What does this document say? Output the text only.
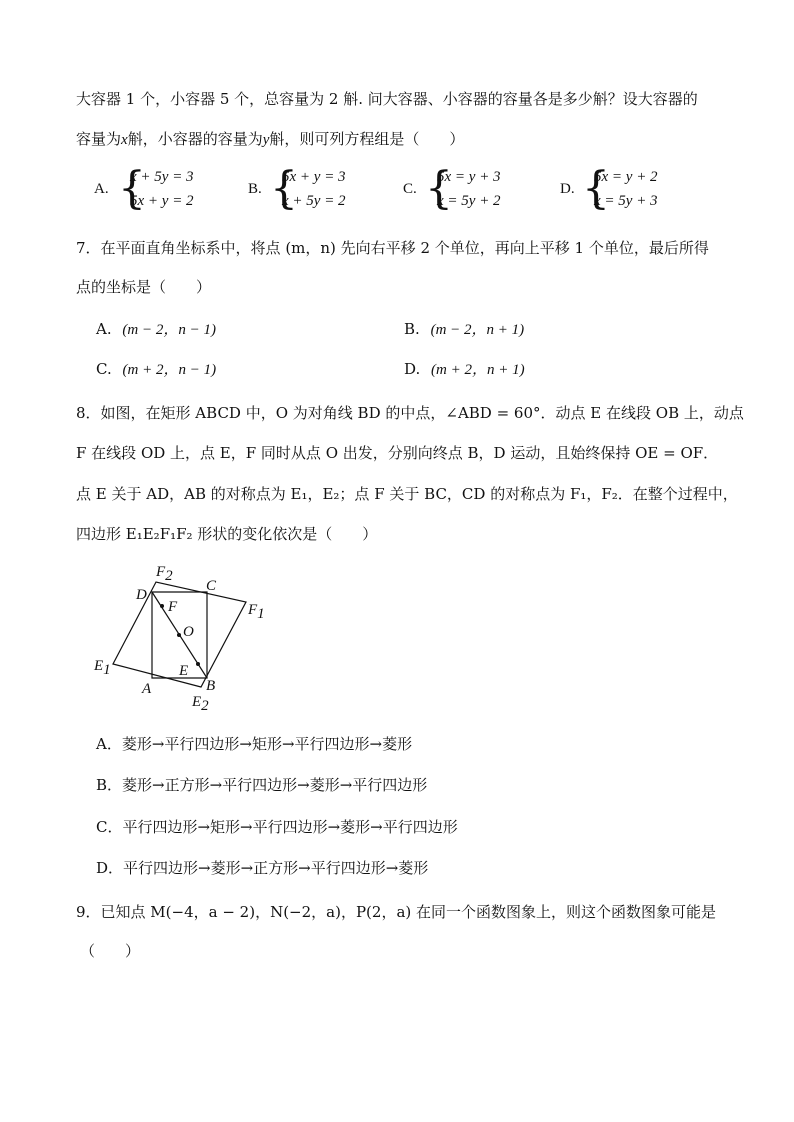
大容器 1 个，小容器 5 个，总容量为 2 斛. 问大容器、小容器的容量各是多少斛？设大容器的
容量为x斛，小容器的容量为y斛，则可列方程组是（　　）
A. {
x + 5y = 3
5x + y = 2
B. {
5x + y = 3
x + 5y = 2
C. {
5x = y + 3
x = 5y + 2
D. {
5x = y + 2
x = 5y + 3
7．在平面直角坐标系中，将点 (m，n) 先向右平移 2 个单位，再向上平移 1 个单位，最后所得
点的坐标是（　　）
A. (m − 2，n − 1)	B. (m − 2，n + 1)
C. (m + 2，n − 1)	D. (m + 2，n + 1)
8．如图，在矩形 ABCD 中，O 为对角线 BD 的中点，∠ABD = 60°．动点 E 在线段 OB 上，动点
F 在线段 OD 上，点 E，F 同时从点 O 出发，分别向终点 B，D 运动，且始终保持 OE = OF．
点 E 关于 AD，AB 的对称点为 E₁，E₂；点 F 关于 BC，CD 的对称点为 F₁，F₂．在整个过程中，
四边形 E₁E₂F₁F₂ 形状的变化依次是（　　）
F2
C
D
F	F1
O
E1	E
B
A
E2
A．菱形→平行四边形→矩形→平行四边形→菱形
B．菱形→正方形→平行四边形→菱形→平行四边形
C．平行四边形→矩形→平行四边形→菱形→平行四边形
D．平行四边形→菱形→正方形→平行四边形→菱形
9．已知点 M(−4，a − 2)，N(−2，a)，P(2，a) 在同一个函数图象上，则这个函数图象可能是
（　　）
